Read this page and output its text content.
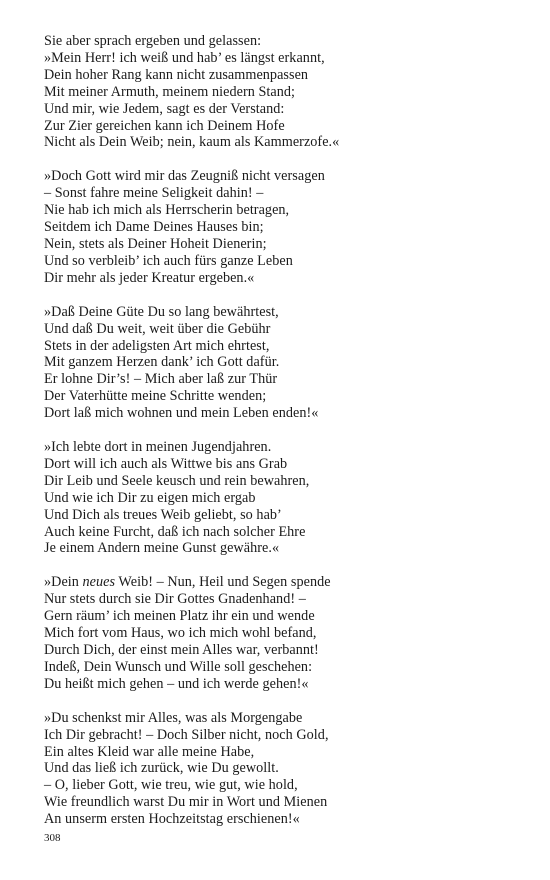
Sie aber sprach ergeben und gelassen:
»Mein Herr! ich weiß und hab’ es längst erkannt,
Dein hoher Rang kann nicht zusammenpassen
Mit meiner Armuth, meinem niedern Stand;
Und mir, wie Jedem, sagt es der Verstand:
Zur Zier gereichen kann ich Deinem Hofe
Nicht als Dein Weib; nein, kaum als Kammerzofe.«
»Doch Gott wird mir das Zeugniß nicht versagen
– Sonst fahre meine Seligkeit dahin! –
Nie hab ich mich als Herrscherin betragen,
Seitdem ich Dame Deines Hauses bin;
Nein, stets als Deiner Hoheit Dienerin;
Und so verbleib’ ich auch fürs ganze Leben
Dir mehr als jeder Kreatur ergeben.«
»Daß Deine Güte Du so lang bewährtest,
Und daß Du weit, weit über die Gebühr
Stets in der adeligsten Art mich ehrtest,
Mit ganzem Herzen dank’ ich Gott dafür.
Er lohne Dir’s! – Mich aber laß zur Thür
Der Vaterhütte meine Schritte wenden;
Dort laß mich wohnen und mein Leben enden!«
»Ich lebte dort in meinen Jugendjahren.
Dort will ich auch als Wittwe bis ans Grab
Dir Leib und Seele keusch und rein bewahren,
Und wie ich Dir zu eigen mich ergab
Und Dich als treues Weib geliebt, so hab’
Auch keine Furcht, daß ich nach solcher Ehre
Je einem Andern meine Gunst gewähre.«
»Dein neues Weib! – Nun, Heil und Segen spende
Nur stets durch sie Dir Gottes Gnadenhand! –
Gern räum’ ich meinen Platz ihr ein und wende
Mich fort vom Haus, wo ich mich wohl befand,
Durch Dich, der einst mein Alles war, verbannt!
Indeß, Dein Wunsch und Wille soll geschehen:
Du heißt mich gehen – und ich werde gehen!«
»Du schenkst mir Alles, was als Morgengabe
Ich Dir gebracht! – Doch Silber nicht, noch Gold,
Ein altes Kleid war alle meine Habe,
Und das ließ ich zurück, wie Du gewollt.
– O, lieber Gott, wie treu, wie gut, wie hold,
Wie freundlich warst Du mir in Wort und Mienen
An unserm ersten Hochzeitstag erschienen!«
308
